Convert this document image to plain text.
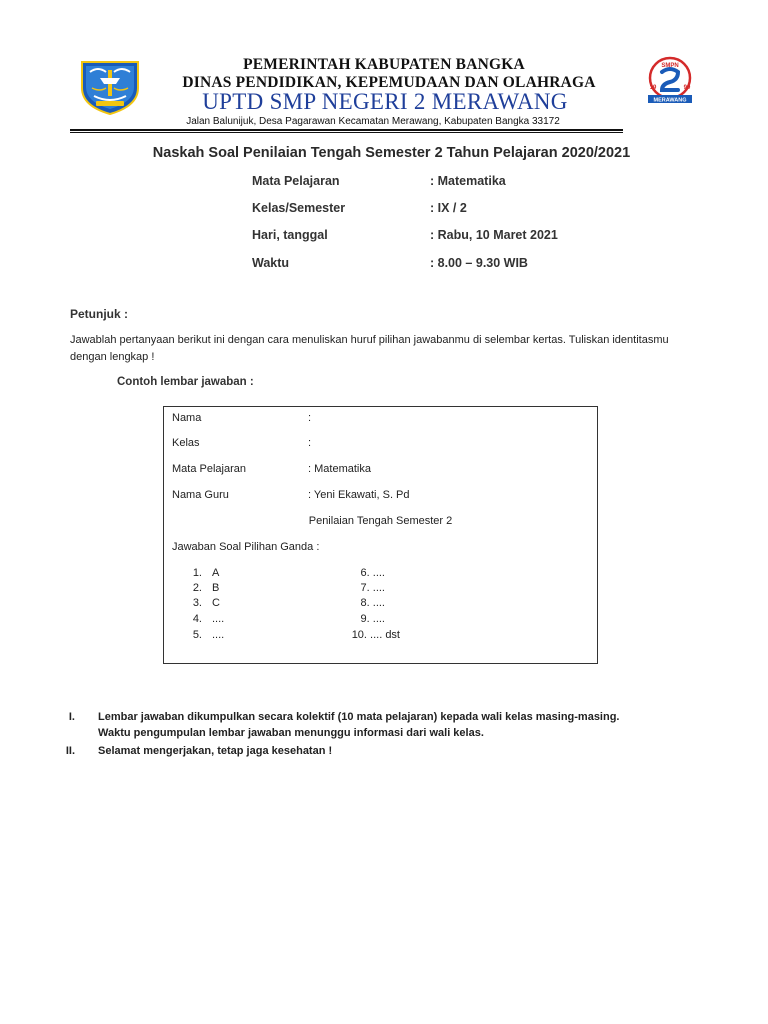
PEMERINTAH KABUPATEN BANGKA
DINAS PENDIDIKAN, KEPEMUDAAN DAN OLAHRAGA
UPTD SMP NEGERI 2 MERAWANG
Jalan Balunijuk, Desa Pagarawan Kecamatan Merawang, Kabupaten Bangka 33172
SMPN
19	99
MERAWANG
Naskah Soal Penilaian Tengah Semester 2 Tahun Pelajaran 2020/2021
Mata Pelajaran	: Matematika
Kelas/Semester	: IX / 2
Hari, tanggal	: Rabu, 10 Maret 2021
Waktu	: 8.00 – 9.30 WIB
Petunjuk :
Jawablah pertanyaan berikut ini dengan cara menuliskan huruf pilihan jawabanmu di selembar kertas. Tuliskan identitasmu dengan lengkap !
Contoh lembar jawaban :
Nama	:
Kelas	:
Mata Pelajaran	: Matematika
Nama Guru	: Yeni Ekawati, S. Pd
Penilaian Tengah Semester 2
Jawaban Soal Pilihan Ganda :
1. A
2. B
3. C
4. ....
5. ....
6. ....
7. ....
8. ....
9. ....
10. .... dst
I. Lembar jawaban dikumpulkan secara kolektif (10 mata pelajaran) kepada wali kelas masing-masing.
Waktu pengumpulan lembar jawaban menunggu informasi dari wali kelas.
II. Selamat mengerjakan, tetap jaga kesehatan !
